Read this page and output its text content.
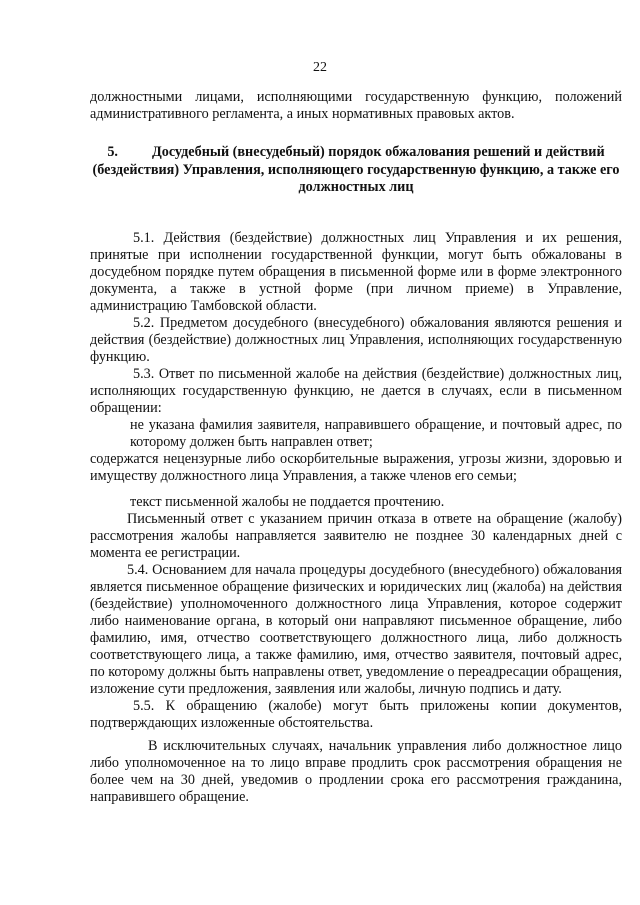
22

должностными лицами, исполняющими государственную функцию, положений административного регламента, а иных нормативных правовых актов.

5. Досудебный (внесудебный) порядок обжалования решений и действий (бездействия) Управления, исполняющего государственную функцию, а также его должностных лиц

5.1. Действия (бездействие) должностных лиц Управления и их решения, принятые при исполнении государственной функции, могут быть обжалованы в досудебном порядке путем обращения в письменной форме или в форме электронного документа, а также в устной форме (при личном приеме) в Управление, администрацию Тамбовской области.

5.2. Предметом досудебного (внесудебного) обжалования являются решения и действия (бездействие) должностных лиц Управления, исполняющих государственную функцию.

5.3. Ответ по письменной жалобе на действия (бездействие) должностных лиц, исполняющих государственную функцию, не дается в случаях, если в письменном обращении:

не указана фамилия заявителя, направившего обращение, и почтовый адрес, по которому должен быть направлен ответ;

содержатся нецензурные либо оскорбительные выражения, угрозы жизни, здоровью и имуществу должностного лица Управления, а также членов его семьи;

текст письменной жалобы не поддается прочтению.

Письменный ответ с указанием причин отказа в ответе на обращение (жалобу) рассмотрения жалобы направляется заявителю не позднее 30 календарных дней с момента ее регистрации.

5.4. Основанием для начала процедуры досудебного (внесудебного) обжалования является письменное обращение физических и юридических лиц (жалоба) на действия (бездействие) уполномоченного должностного лица Управления, которое содержит либо наименование органа, в который они направляют письменное обращение, либо фамилию, имя, отчество соответствующего должностного лица, либо должность соответствующего лица, а также фамилию, имя, отчество заявителя, почтовый адрес, по которому должны быть направлены ответ, уведомление о переадресации обращения, изложение сути предложения, заявления или жалобы, личную подпись и дату.

5.5. К обращению (жалобе) могут быть приложены копии документов, подтверждающих изложенные обстоятельства.

В исключительных случаях, начальник управления либо должностное лицо либо уполномоченное на то лицо вправе продлить срок рассмотрения обращения не более чем на 30 дней, уведомив о продлении срока его рассмотрения гражданина, направившего обращение.
